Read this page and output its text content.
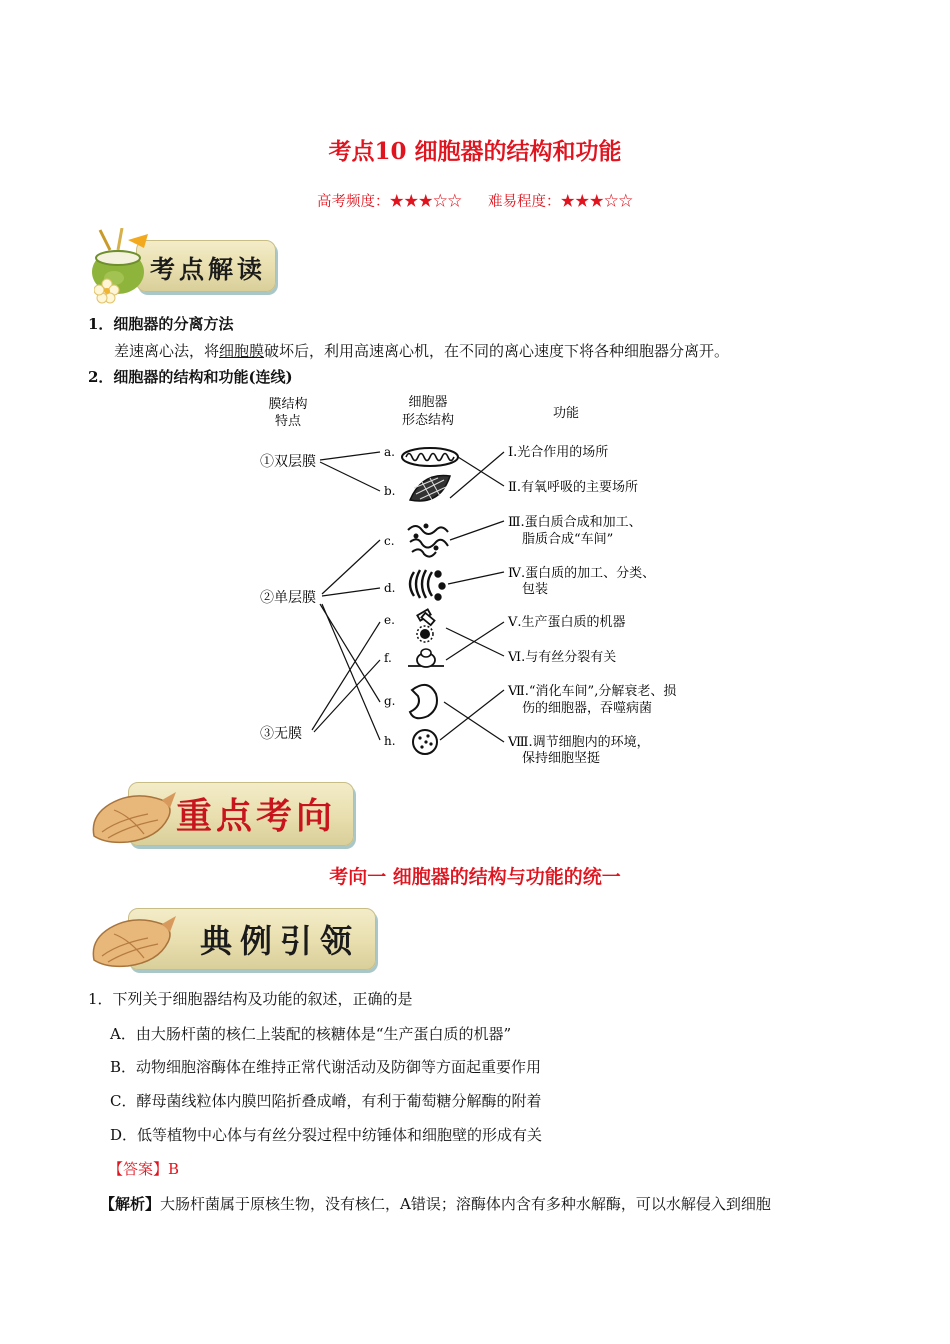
考点10 细胞器的结构和功能
高考频度：★★★☆☆ 难易程度：★★★☆☆
考点解读
1．细胞器的分离方法
差速离心法，将细胞膜破坏后，利用高速离心机，在不同的离心速度下将各种细胞器分离开。
2．细胞器的结构和功能(连线)
膜结构
特点
细胞器
形态结构	功能
①双层膜
②单层膜
③无膜
a.
b.
c.
d.
e.
f.
g.
h.
Ⅰ.光合作用的场所
Ⅱ.有氧呼吸的主要场所
Ⅲ.蛋白质合成和加工、
脂质合成“车间”
Ⅳ.蛋白质的加工、分类、
包装
Ⅴ.生产蛋白质的机器
Ⅵ.与有丝分裂有关
Ⅶ.“消化车间”,分解衰老、损
伤的细胞器，吞噬病菌
Ⅷ.调节细胞内的环境，
保持细胞坚挺
重点考向
考向一 细胞器的结构与功能的统一
典例引领
1．下列关于细胞器结构及功能的叙述，正确的是
A．由大肠杆菌的核仁上装配的核糖体是“生产蛋白质的机器”
B．动物细胞溶酶体在维持正常代谢活动及防御等方面起重要作用
C．酵母菌线粒体内膜凹陷折叠成嵴，有利于葡萄糖分解酶的附着
D．低等植物中心体与有丝分裂过程中纺锤体和细胞壁的形成有关
【答案】B
【解析】大肠杆菌属于原核生物，没有核仁，A错误；溶酶体内含有多种水解酶，可以水解侵入到细胞
